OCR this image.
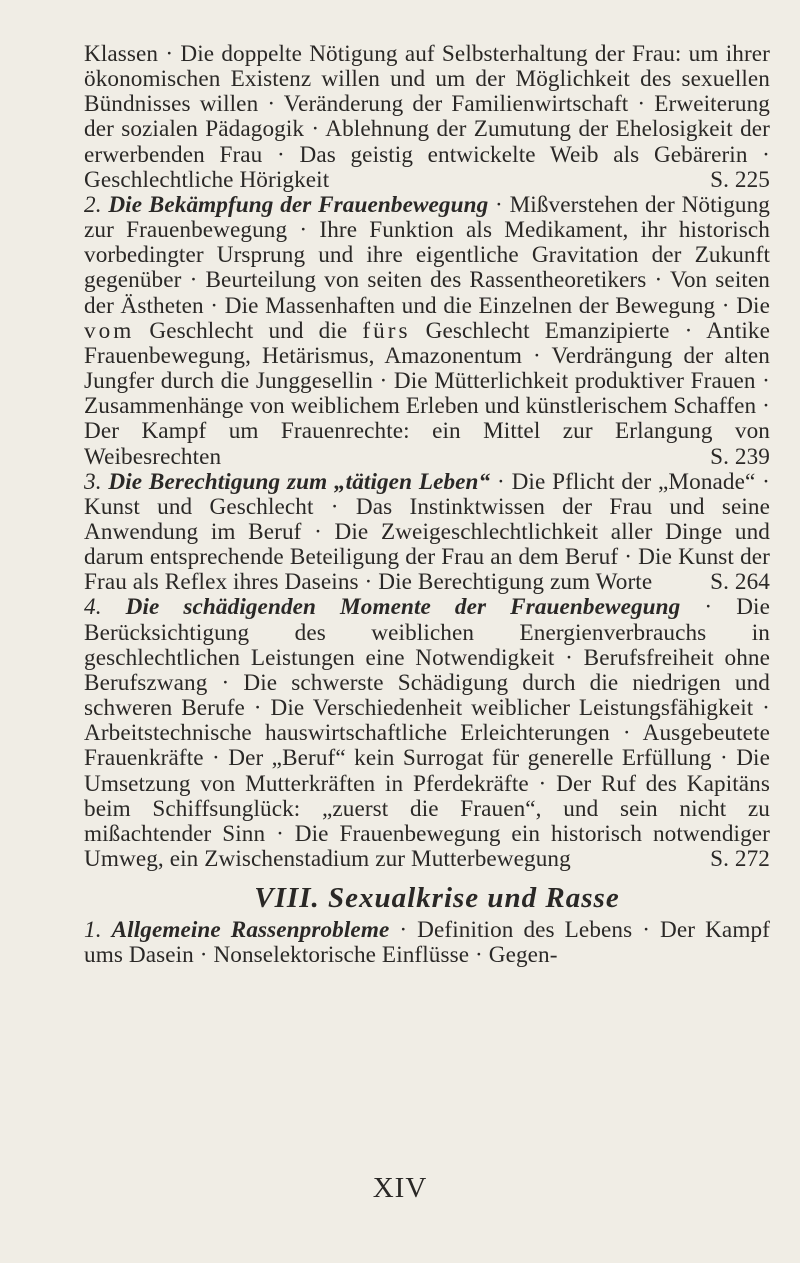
Klassen · Die doppelte Nötigung auf Selbsterhaltung der Frau: um ihrer ökonomischen Existenz willen und um der Möglichkeit des sexuellen Bündnisses willen · Veränderung der Familienwirtschaft · Erweiterung der sozialen Pädagogik · Ablehnung der Zumutung der Ehelosigkeit der erwerbenden Frau · Das geistig entwickelte Weib als Gebärerin · Geschlechtliche Hörigkeit	S. 225

2. Die Bekämpfung der Frauenbewegung · Mißverstehen der Nötigung zur Frauenbewegung · Ihre Funktion als Medikament, ihr historisch vorbedingter Ursprung und ihre eigentliche Gravitation der Zukunft gegenüber · Beurteilung von seiten des Rassentheoretikers · Von seiten der Ästheten · Die Massenhaften und die Einzelnen der Bewegung · Die vom Geschlecht und die fürs Geschlecht Emanzipierte · Antike Frauenbewegung, Hetärismus, Amazonentum · Verdrängung der alten Jungfer durch die Junggesellin · Die Mütterlichkeit produktiver Frauen · Zusammenhänge von weiblichem Erleben und künstlerischem Schaffen · Der Kampf um Frauenrechte: ein Mittel zur Erlangung von Weibesrechten	S. 239

3. Die Berechtigung zum „tätigen Leben“ · Die Pflicht der „Monade“ · Kunst und Geschlecht · Das Instinktwissen der Frau und seine Anwendung im Beruf · Die Zweigeschlechtlichkeit aller Dinge und darum entsprechende Beteiligung der Frau an dem Beruf · Die Kunst der Frau als Reflex ihres Daseins · Die Berechtigung zum Worte S. 264

4. Die schädigenden Momente der Frauenbewegung · Die Berücksichtigung des weiblichen Energienverbrauchs in geschlechtlichen Leistungen eine Notwendigkeit · Berufsfreiheit ohne Berufszwang · Die schwerste Schädigung durch die niedrigen und schweren Berufe · Die Verschiedenheit weiblicher Leistungsfähigkeit · Arbeitstechnische hauswirtschaftliche Erleichterungen · Ausgebeutete Frauenkräfte · Der „Beruf“ kein Surrogat für generelle Erfüllung · Die Umsetzung von Mutterkräften in Pferdekräfte · Der Ruf des Kapitäns beim Schiffsunglück: „zuerst die Frauen“, und sein nicht zu mißachtender Sinn · Die Frauenbewegung ein historisch notwendiger Umweg, ein Zwischenstadium zur Mutterbewegung	S. 272

VIII. Sexualkrise und Rasse

1. Allgemeine Rassenprobleme · Definition des Lebens · Der Kampf ums Dasein · Nonselektorische Einflüsse · Gegen-

XIV
